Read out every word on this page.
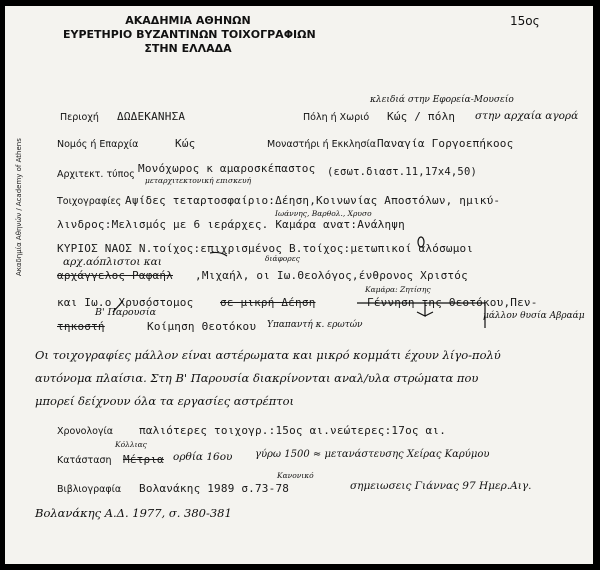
Ακαδημία Αθηνών / Academy of Athens
ΑΚΑΔΗΜΙΑ ΑΘΗΝΩΝ
ΕΥΡΕΤΗΡΙΟ ΒΥΖΑΝΤΙΝΩΝ ΤΟΙΧΟΓΡΑΦΙΩΝ
ΣΤΗΝ ΕΛΛΑΔΑ
15ος
κλειδιά στην Εφορεία-Μουσείο
Περιοχή ΔΩΔΕΚΑΝΗΣΑ	Πόλη ή Χωριό Κώς / πόλη στην αρχαία αγορά
Νομός ή Επαρχία	Κώς	Μοναστήρι ή Εκκλησία Παναγία Γοργοεπήκοος
Αρχιτεκτ. τύπος Μονόχωρος κ αμαροσκέπαστος (εσωτ.διαστ.11,17x4,50)
μεταρχιτεκτονική επισκευή
Τοιχογραφίες Αψίδες τεταρτοσφαίριο:Δέηση,Κοινωνίας Αποστόλων, ημικύ-
Ιωάννης, Βαρθολ., Χρυσο
λινδρος:Μελισμός με 6 ιεράρχες. Καμάρα ανατ:Ανάληψη
ΚΥΡΙΟΣ ΝΑΟΣ Ν.τοίχος:επιχρισμένος Β.τοίχος:μετωπικοί αλόσωμοι
αρχ.αόπλιστοι και	διάφορες
αρχάγγελος Ραφαήλ ,Μιχαήλ, οι Ιω.Θεολόγος,ένθρονος Χριστός
Καμάρα: Ζητίσης
και Ιω.ο Χρυσόστομος σε μικρή Δέηση	Γέννηση της Θεοτόκου,Πεν-
Β' Παρουσία
τηκοστή	Κοίμηση Θεοτόκου Υπαπαντή κ. ερωτών
μάλλον θυσία Αβραάμ
Οι τοιχογραφίες μάλλον είναι αστέρωματα και μικρό κομμάτι έχουν λίγο-πολύ
αυτόνομα πλαίσια. Στη Β' Παρουσία διακρίνονται αναλ/υλα στρώματα που
μπορεί δείχνουν όλα τα εργασίες αστρέπτοι
Χρονολογία παλιότερες τοιχογρ.:15ος αι.νεώτερες:17ος αι.
Κόλλιας
Κατάσταση Μέτρια ορθία 16ου γύρω 1500 ≈ μετανάστευσης Χείρας Καρύμου
Κανονικό
Βιβλιογραφία Βολανάκης 1989 σ.73-78	σημειωσεις Γιάννας 97 Ημερ.Αιγ.
Βολανάκης Α.Δ. 1977, σ. 380-381
